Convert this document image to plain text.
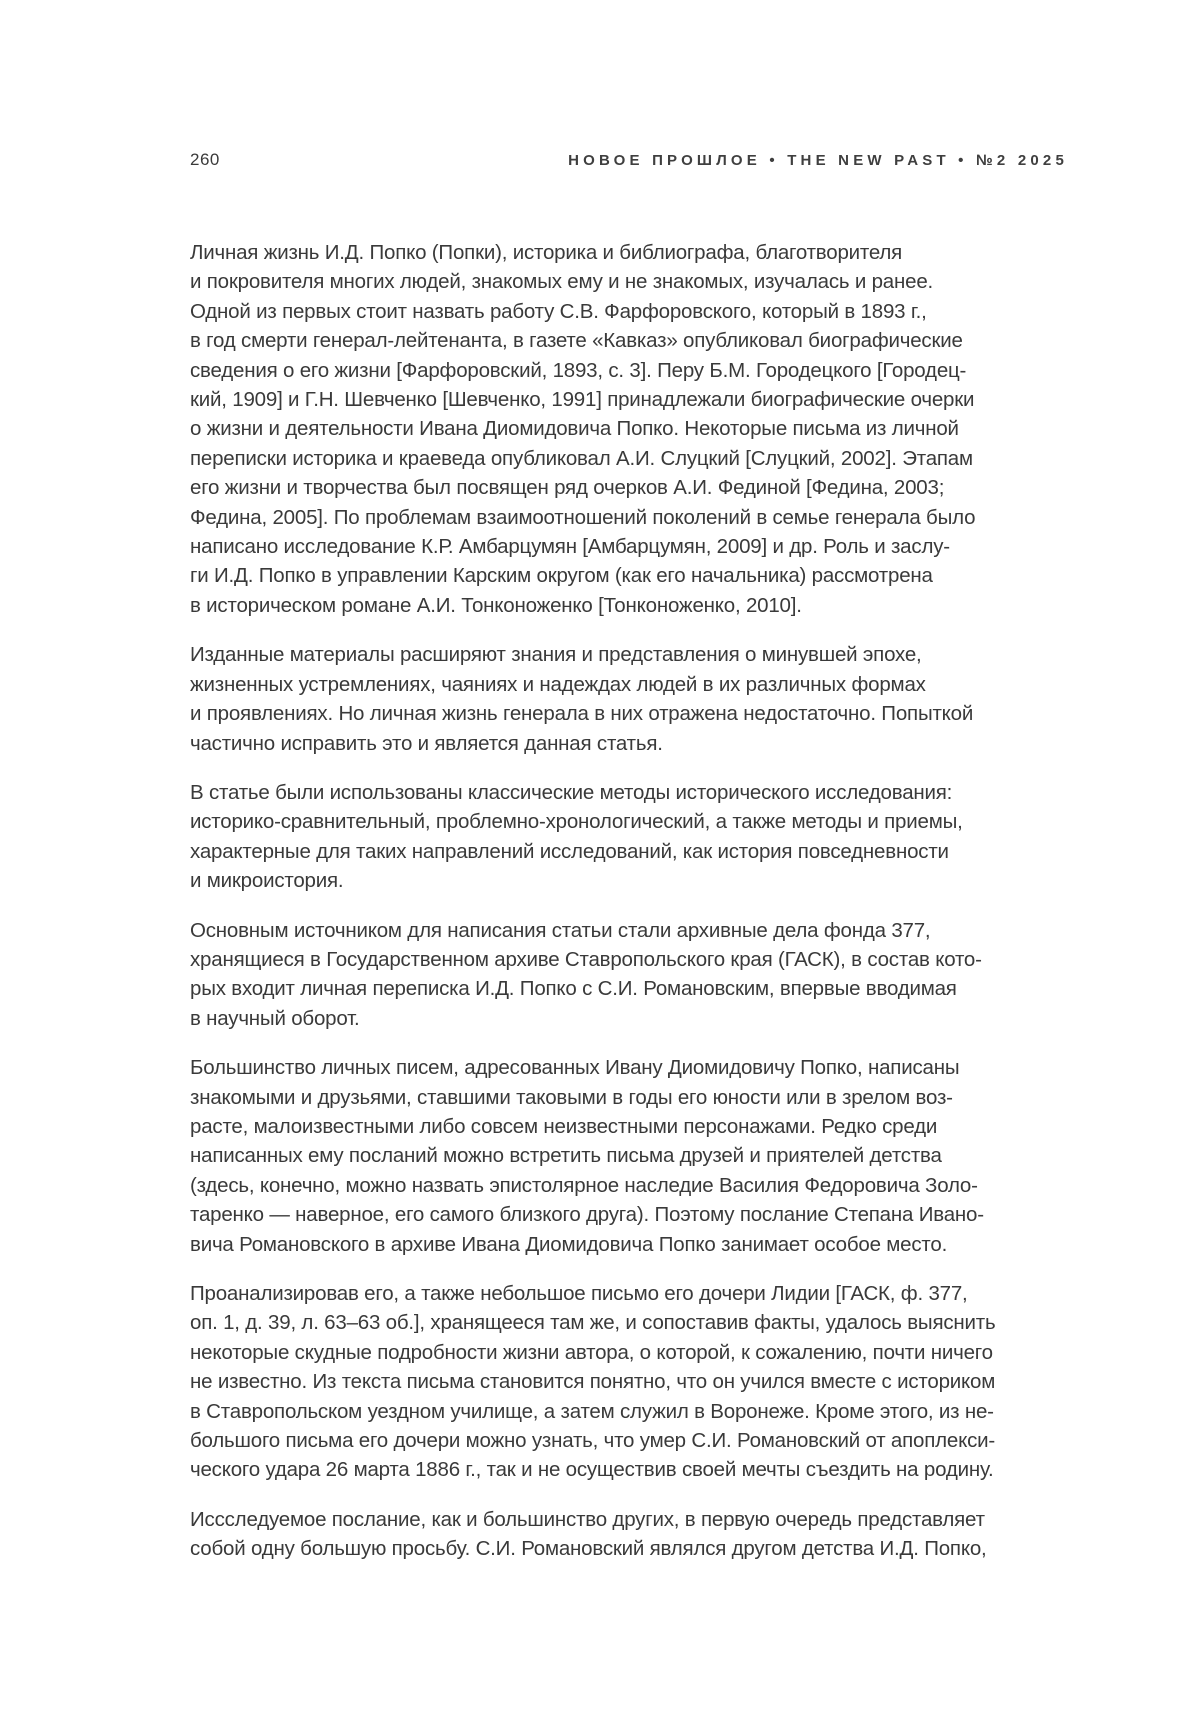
260	НОВОЕ ПРОШЛОЕ • THE NEW PAST • №2 2025

Личная жизнь И.Д. Попко (Попки), историка и библиографа, благотворителя
и покровителя многих людей, знакомых ему и не знакомых, изучалась и ранее.
Одной из первых стоит назвать работу С.В. Фарфоровского, который в 1893 г.,
в год смерти генерал-лейтенанта, в газете «Кавказ» опубликовал биографические
сведения о его жизни [Фарфоровский, 1893, с. 3]. Перу Б.М. Городецкого [Городец-
кий, 1909] и Г.Н. Шевченко [Шевченко, 1991] принадлежали биографические очерки
о жизни и деятельности Ивана Диомидовича Попко. Некоторые письма из личной
переписки историка и краеведа опубликовал А.И. Слуцкий [Слуцкий, 2002]. Этапам
его жизни и творчества был посвящен ряд очерков А.И. Фединой [Федина, 2003;
Федина, 2005]. По проблемам взаимоотношений поколений в семье генерала было
написано исследование К.Р. Амбарцумян [Амбарцумян, 2009] и др. Роль и заслу-
ги И.Д. Попко в управлении Карским округом (как его начальника) рассмотрена
в историческом романе А.И. Тонконоженко [Тонконоженко, 2010].

Изданные материалы расширяют знания и представления о минувшей эпохе,
жизненных устремлениях, чаяниях и надеждах людей в их различных формах
и проявлениях. Но личная жизнь генерала в них отражена недостаточно. Попыткой
частично исправить это и является данная статья.

В статье были использованы классические методы исторического исследования:
историко-сравнительный, проблемно-хронологический, а также методы и приемы,
характерные для таких направлений исследований, как история повседневности
и микроистория.

Основным источником для написания статьи стали архивные дела фонда 377,
хранящиеся в Государственном архиве Ставропольского края (ГАСК), в состав кото-
рых входит личная переписка И.Д. Попко с С.И. Романовским, впервые вводимая
в научный оборот.

Большинство личных писем, адресованных Ивану Диомидовичу Попко, написаны
знакомыми и друзьями, ставшими таковыми в годы его юности или в зрелом воз-
расте, малоизвестными либо совсем неизвестными персонажами. Редко среди
написанных ему посланий можно встретить письма друзей и приятелей детства
(здесь, конечно, можно назвать эпистолярное наследие Василия Федоровича Золо-
таренко — наверное, его самого близкого друга). Поэтому послание Степана Ивано-
вича Романовского в архиве Ивана Диомидовича Попко занимает особое место.

Проанализировав его, а также небольшое письмо его дочери Лидии [ГАСК, ф. 377,
оп. 1, д. 39, л. 63–63 об.], хранящееся там же, и сопоставив факты, удалось выяснить
некоторые скудные подробности жизни автора, о которой, к сожалению, почти ничего
не известно. Из текста письма становится понятно, что он учился вместе с историком
в Ставропольском уездном училище, а затем служил в Воронеже. Кроме этого, из не-
большого письма его дочери можно узнать, что умер С.И. Романовский от апоплекси-
ческого удара 26 марта 1886 г., так и не осуществив своей мечты съездить на родину.

Иссследуемое послание, как и большинство других, в первую очередь представляет
собой одну большую просьбу. С.И. Романовский являлся другом детства И.Д. Попко,
